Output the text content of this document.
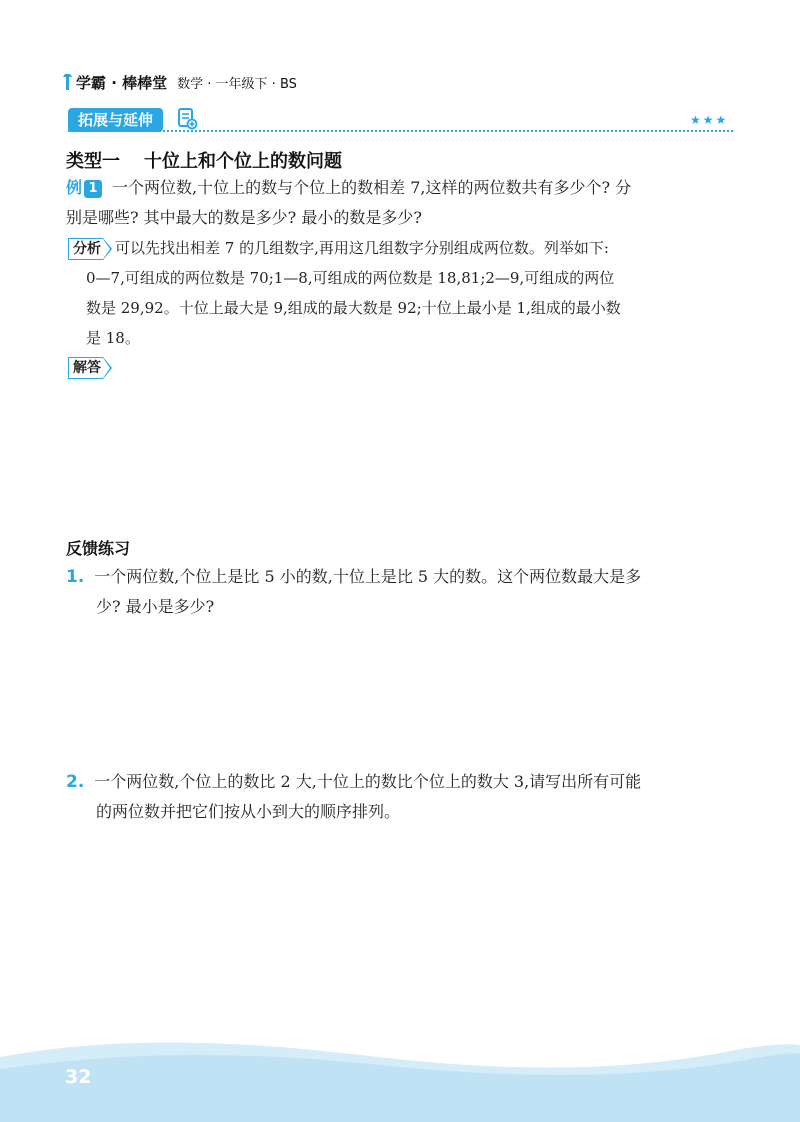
学霸 · 棒棒堂 数学 · 一年级下 · BS
拓展与延伸	★★★
类型一 十位上和个位上的数问题
例 1 一个两位数,十位上的数与个位上的数相差 7,这样的两位数共有多少个? 分
别是哪些? 其中最大的数是多少? 最小的数是多少?
分析 可以先找出相差 7 的几组数字,再用这几组数字分别组成两位数。列举如下:
0—7,可组成的两位数是 70;1—8,可组成的两位数是 18,81;2—9,可组成的两位
数是 29,92。十位上最大是 9,组成的最大数是 92;十位上最小是 1,组成的最小数
是 18。
解答
反馈练习
1. 一个两位数,个位上是比 5 小的数,十位上是比 5 大的数。这个两位数最大是多
少? 最小是多少?
2. 一个两位数,个位上的数比 2 大,十位上的数比个位上的数大 3,请写出所有可能
的两位数并把它们按从小到大的顺序排列。
32
